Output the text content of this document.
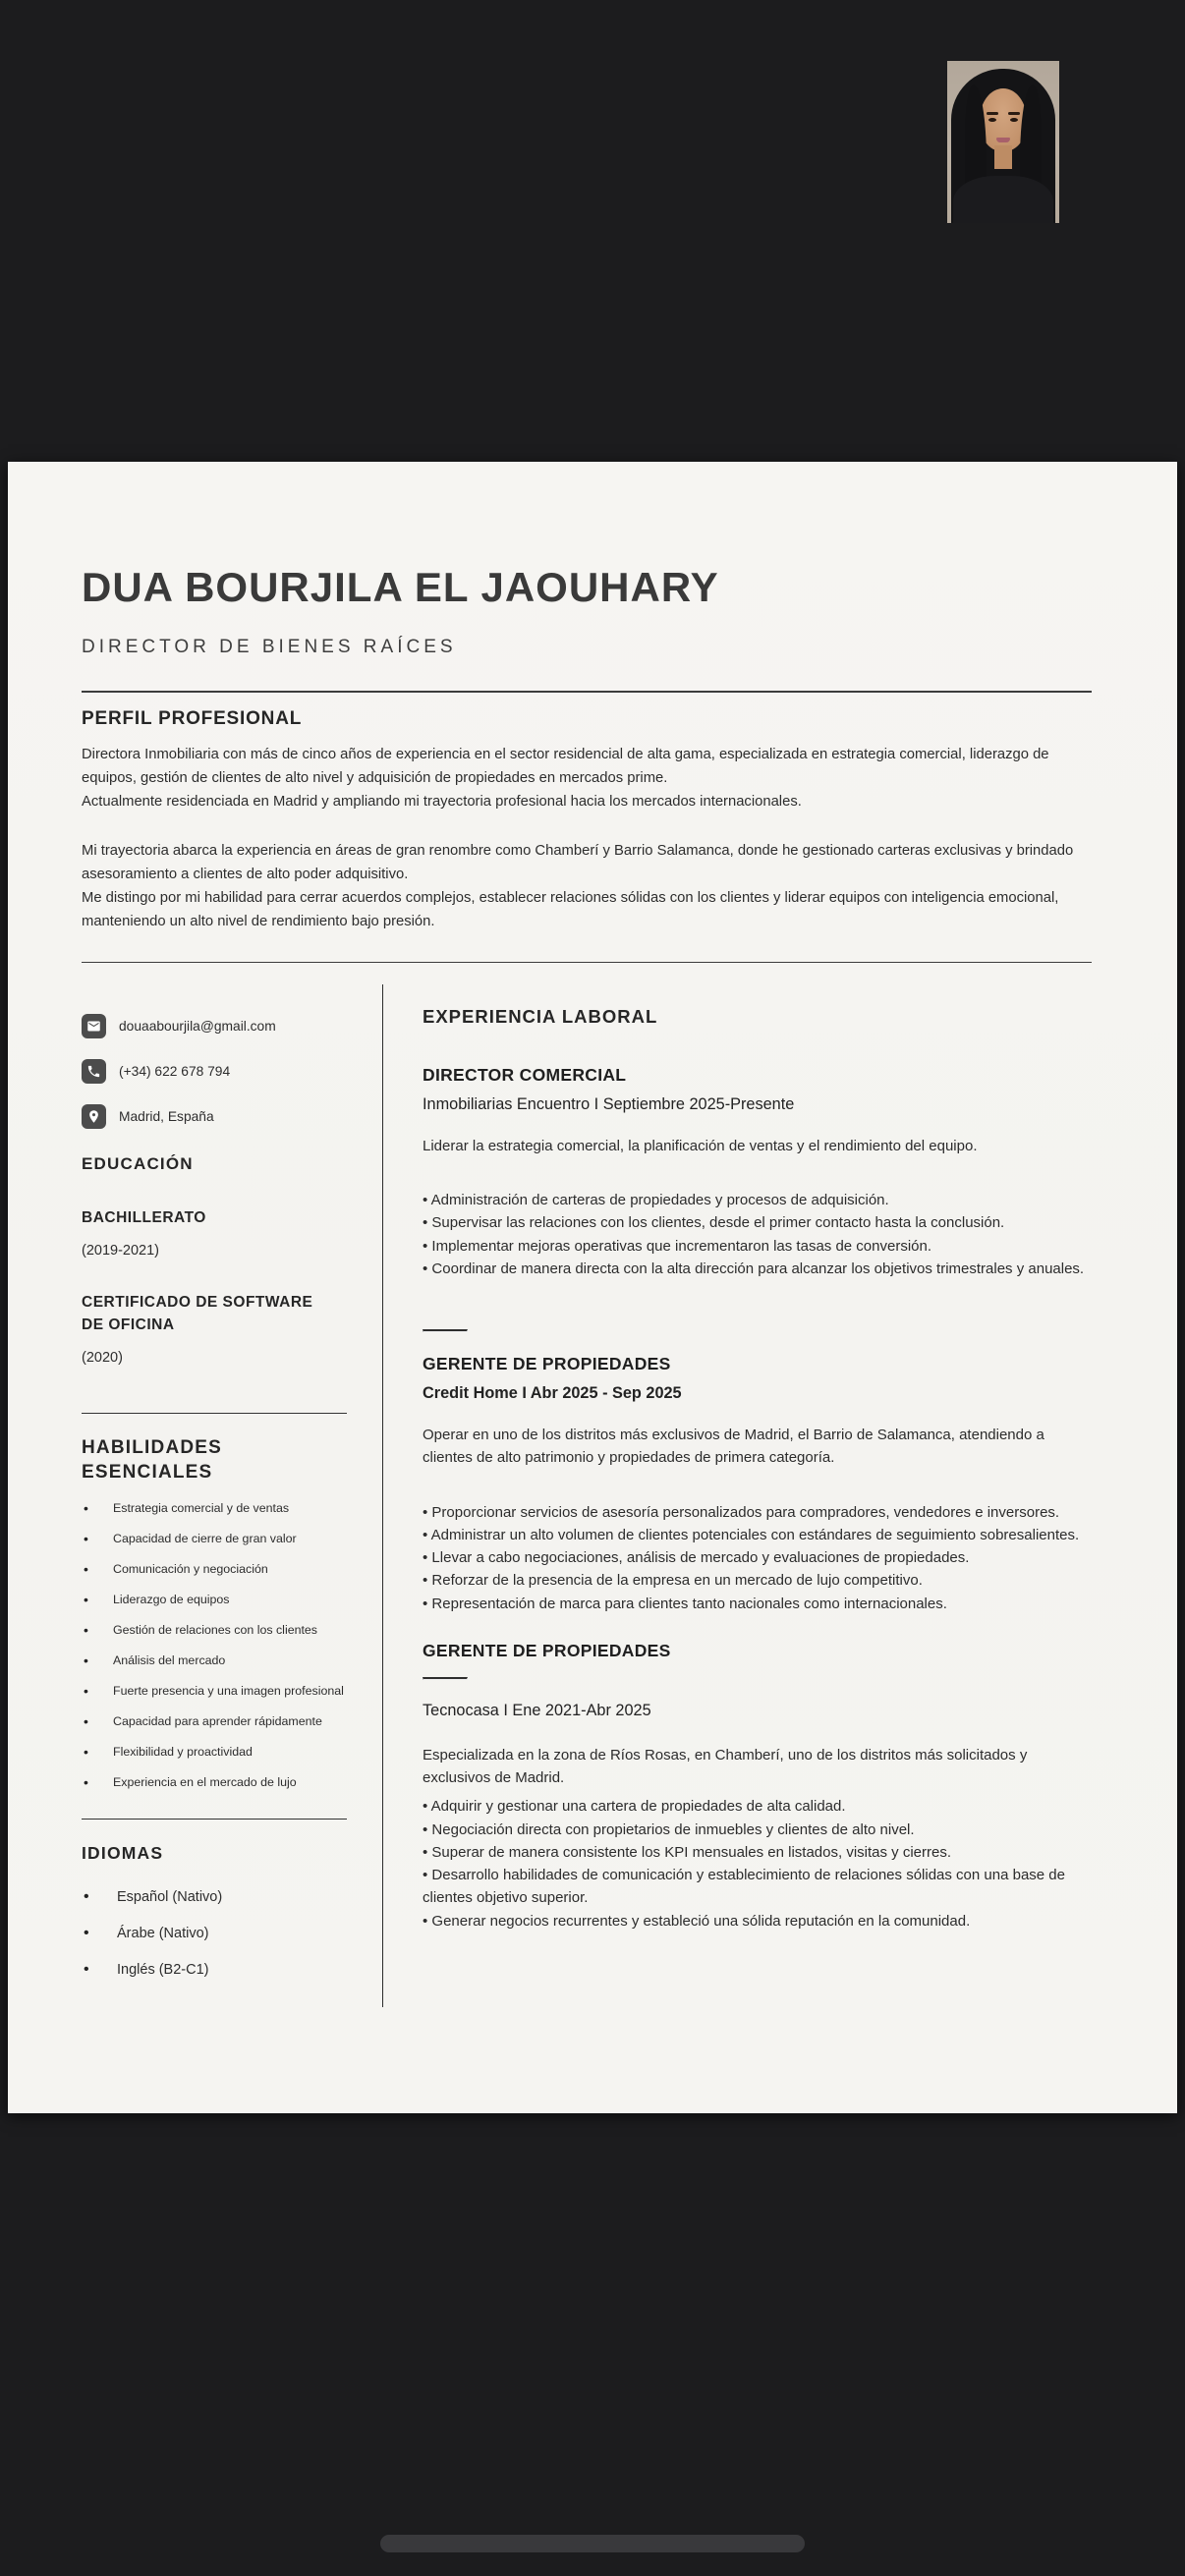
DUA BOURJILA EL JAOUHARY

DIRECTOR DE BIENES RAÍCES

PERFIL PROFESIONAL

Directora Inmobiliaria con más de cinco años de experiencia en el sector residencial de alta gama, especializada en estrategia comercial, liderazgo de equipos, gestión de clientes de alto nivel y adquisición de propiedades en mercados prime.

Actualmente residenciada en Madrid y ampliando mi trayectoria profesional hacia los mercados internacionales.

Mi trayectoria abarca la experiencia en áreas de gran renombre como Chamberí y Barrio Salamanca, donde he gestionado carteras exclusivas y brindado asesoramiento a clientes de alto poder adquisitivo.

Me distingo por mi habilidad para cerrar acuerdos complejos, establecer relaciones sólidas con los clientes y liderar equipos con inteligencia emocional, manteniendo un alto nivel de rendimiento bajo presión.

douaabourjila@gmail.com
(+34) 622 678 794
Madrid, España
EDUCACIÓN
BACHILLERATO

(2019-2021)

CERTIFICADO DE SOFTWARE DE OFICINA

(2020)

HABILIDADES ESENCIALES
• Estrategia comercial y de ventas
• Capacidad de cierre de gran valor
• Comunicación y negociación
• Liderazgo de equipos
• Gestión de relaciones con los clientes
• Análisis del mercado
• Fuerte presencia y una imagen profesional
• Capacidad para aprender rápidamente
• Flexibilidad y proactividad
• Experiencia en el mercado de lujo
IDIOMAS
• Español (Nativo)
• Árabe (Nativo)
• Inglés (B2-C1)
EXPERIENCIA LABORAL
DIRECTOR COMERCIAL

Inmobiliarias Encuentro I Septiembre 2025-Presente

Liderar la estrategia comercial, la planificación de ventas y el rendimiento del equipo.

• Administración de carteras de propiedades y procesos de adquisición.

• Supervisar las relaciones con los clientes, desde el primer contacto hasta la conclusión.

• Implementar mejoras operativas que incrementaron las tasas de conversión.

• Coordinar de manera directa con la alta dirección para alcanzar los objetivos trimestrales y anuales.

GERENTE DE PROPIEDADES

Credit Home I Abr 2025 - Sep 2025

Operar en uno de los distritos más exclusivos de Madrid, el Barrio de Salamanca, atendiendo a clientes de alto patrimonio y propiedades de primera categoría.

• Proporcionar servicios de asesoría personalizados para compradores, vendedores e inversores.

• Administrar un alto volumen de clientes potenciales con estándares de seguimiento sobresalientes.

• Llevar a cabo negociaciones, análisis de mercado y evaluaciones de propiedades.

• Reforzar de la presencia de la empresa en un mercado de lujo competitivo.

• Representación de marca para clientes tanto nacionales como internacionales.

GERENTE DE PROPIEDADES

Tecnocasa I Ene 2021-Abr 2025

Especializada en la zona de Ríos Rosas, en Chamberí, uno de los distritos más solicitados y exclusivos de Madrid.

• Adquirir y gestionar una cartera de propiedades de alta calidad.

• Negociación directa con propietarios de inmuebles y clientes de alto nivel.

• Superar de manera consistente los KPI mensuales en listados, visitas y cierres.

• Desarrollo habilidades de comunicación y establecimiento de relaciones sólidas con una base de clientes objetivo superior.

• Generar negocios recurrentes y estableció una sólida reputación en la comunidad.
